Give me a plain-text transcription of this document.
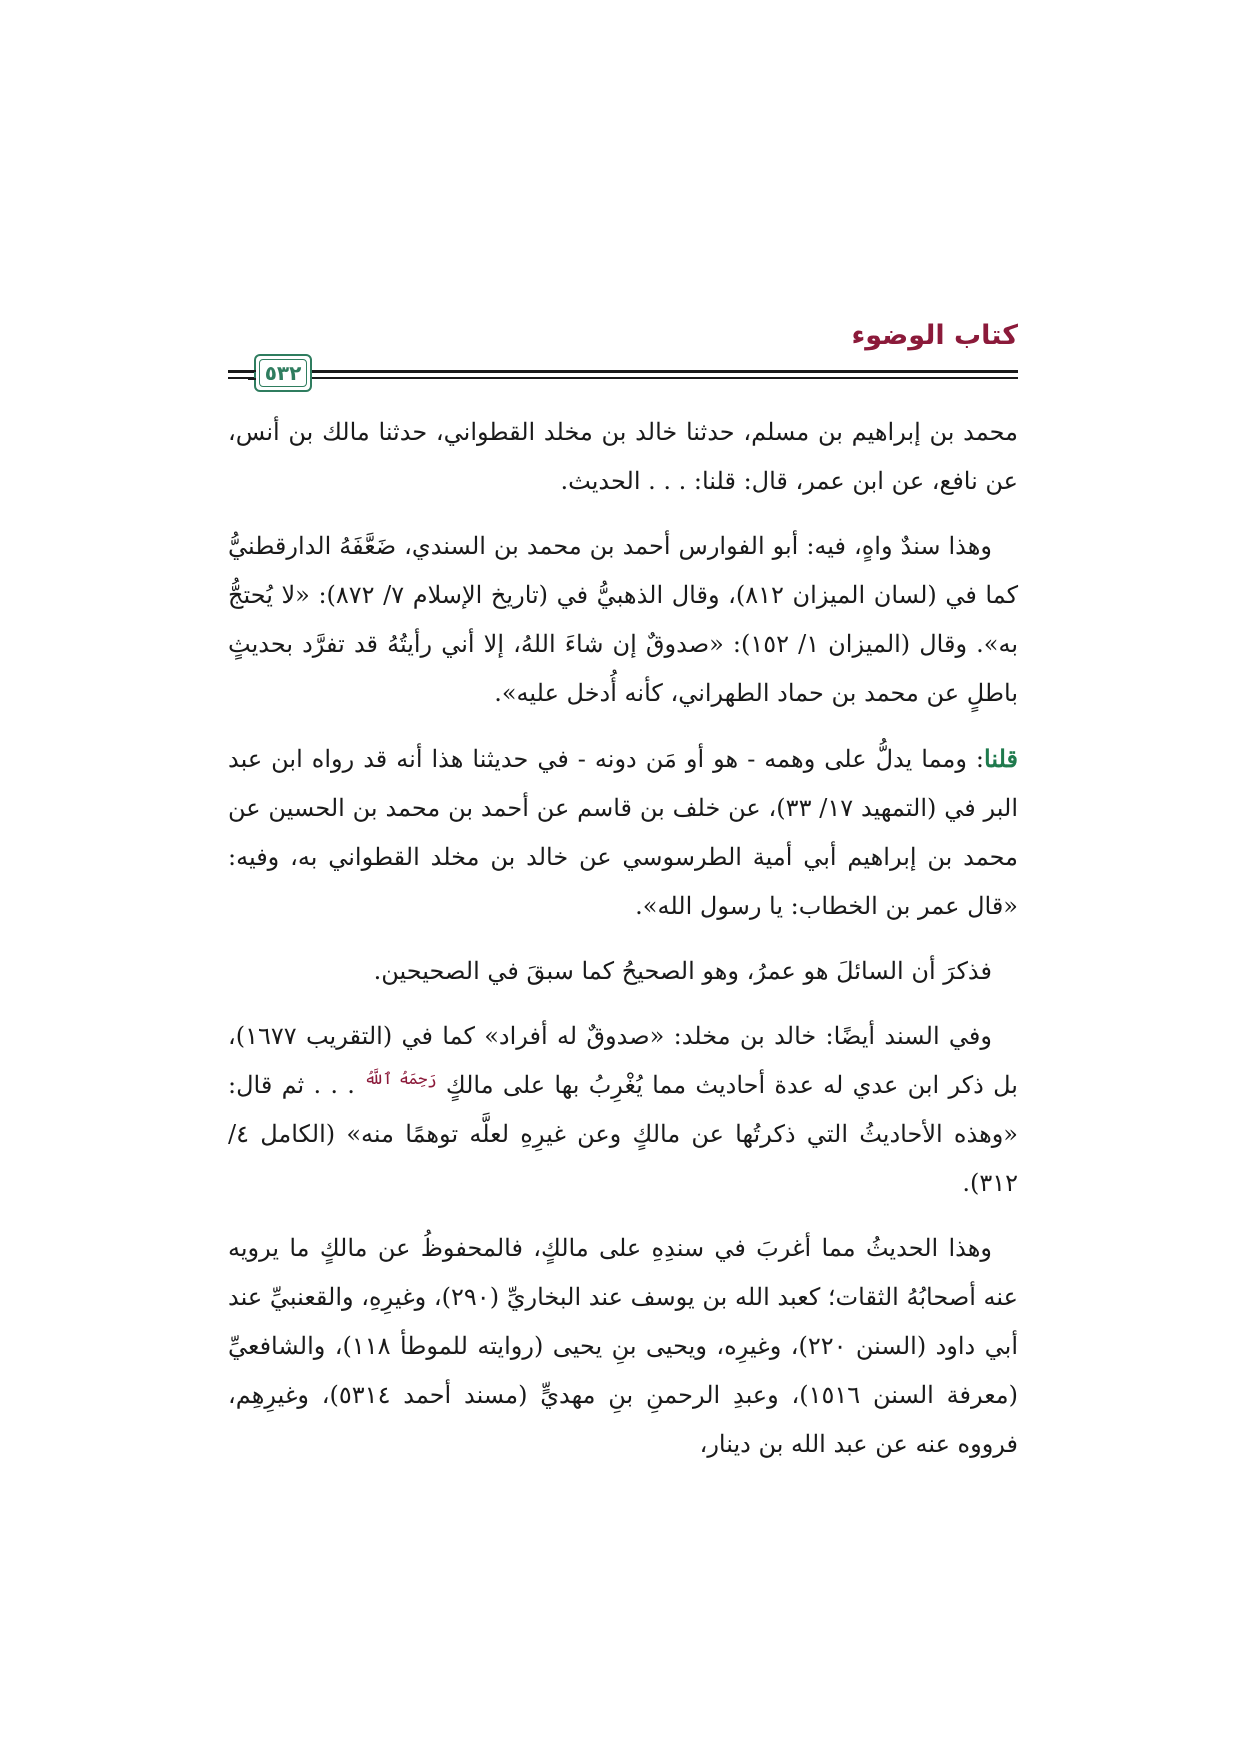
كتاب الوضوء
٥٣٢

محمد بن إبراهيم بن مسلم، حدثنا خالد بن مخلد القطواني، حدثنا مالك بن أنس، عن نافع، عن ابن عمر، قال: قلنا: . . . الحديث.

وهذا سندٌ واهٍ، فيه: أبو الفوارس أحمد بن محمد بن السندي، ضَعَّفَهُ الدارقطنيُّ كما في (لسان الميزان ٨١٢)، وقال الذهبيُّ في (تاريخ الإسلام ٧/ ٨٧٢): «لا يُحتجُّ به». وقال (الميزان ١/ ١٥٢): «صدوقٌ إن شاءَ اللهُ، إلا أني رأيتُهُ قد تفرَّد بحديثٍ باطلٍ عن محمد بن حماد الطهراني، كأنه أُدخل عليه».

قلنا: ومما يدلُّ على وهمه - هو أو مَن دونه - في حديثنا هذا أنه قد رواه ابن عبد البر في (التمهيد ١٧/ ٣٣)، عن خلف بن قاسم عن أحمد بن محمد بن الحسين عن محمد بن إبراهيم أبي أمية الطرسوسي عن خالد بن مخلد القطواني به، وفيه: «قال عمر بن الخطاب: يا رسول الله».

فذكرَ أن السائلَ هو عمرُ، وهو الصحيحُ كما سبقَ في الصحيحين.

وفي السند أيضًا: خالد بن مخلد: «صدوقٌ له أفراد» كما في (التقريب ١٦٧٧)، بل ذكر ابن عدي له عدة أحاديث مما يُغْرِبُ بها على مالكٍ $^{رَحِمَهُ ٱللَّهُ}$ . . . ثم قال: «وهذه الأحاديثُ التي ذكرتُها عن مالكٍ وعن غيرِهِ لعلَّه توهمًا منه» (الكامل ٤/ ٣١٢).

وهذا الحديثُ مما أغربَ في سندِهِ على مالكٍ، فالمحفوظُ عن مالكٍ ما يرويه عنه أصحابُهُ الثقات؛ كعبد الله بن يوسف عند البخاريِّ (٢٩٠)، وغيرِهِ، والقعنبيِّ عند أبي داود (السنن ٢٢٠)، وغيرِه، ويحيى بنِ يحيى (روايته للموطأ ١١٨)، والشافعيِّ (معرفة السنن ١٥١٦)، وعبدِ الرحمنِ بنِ مهديٍّ (مسند أحمد ٥٣١٤)، وغيرِهِم، فرووه عنه عن عبد الله بن دينار،
